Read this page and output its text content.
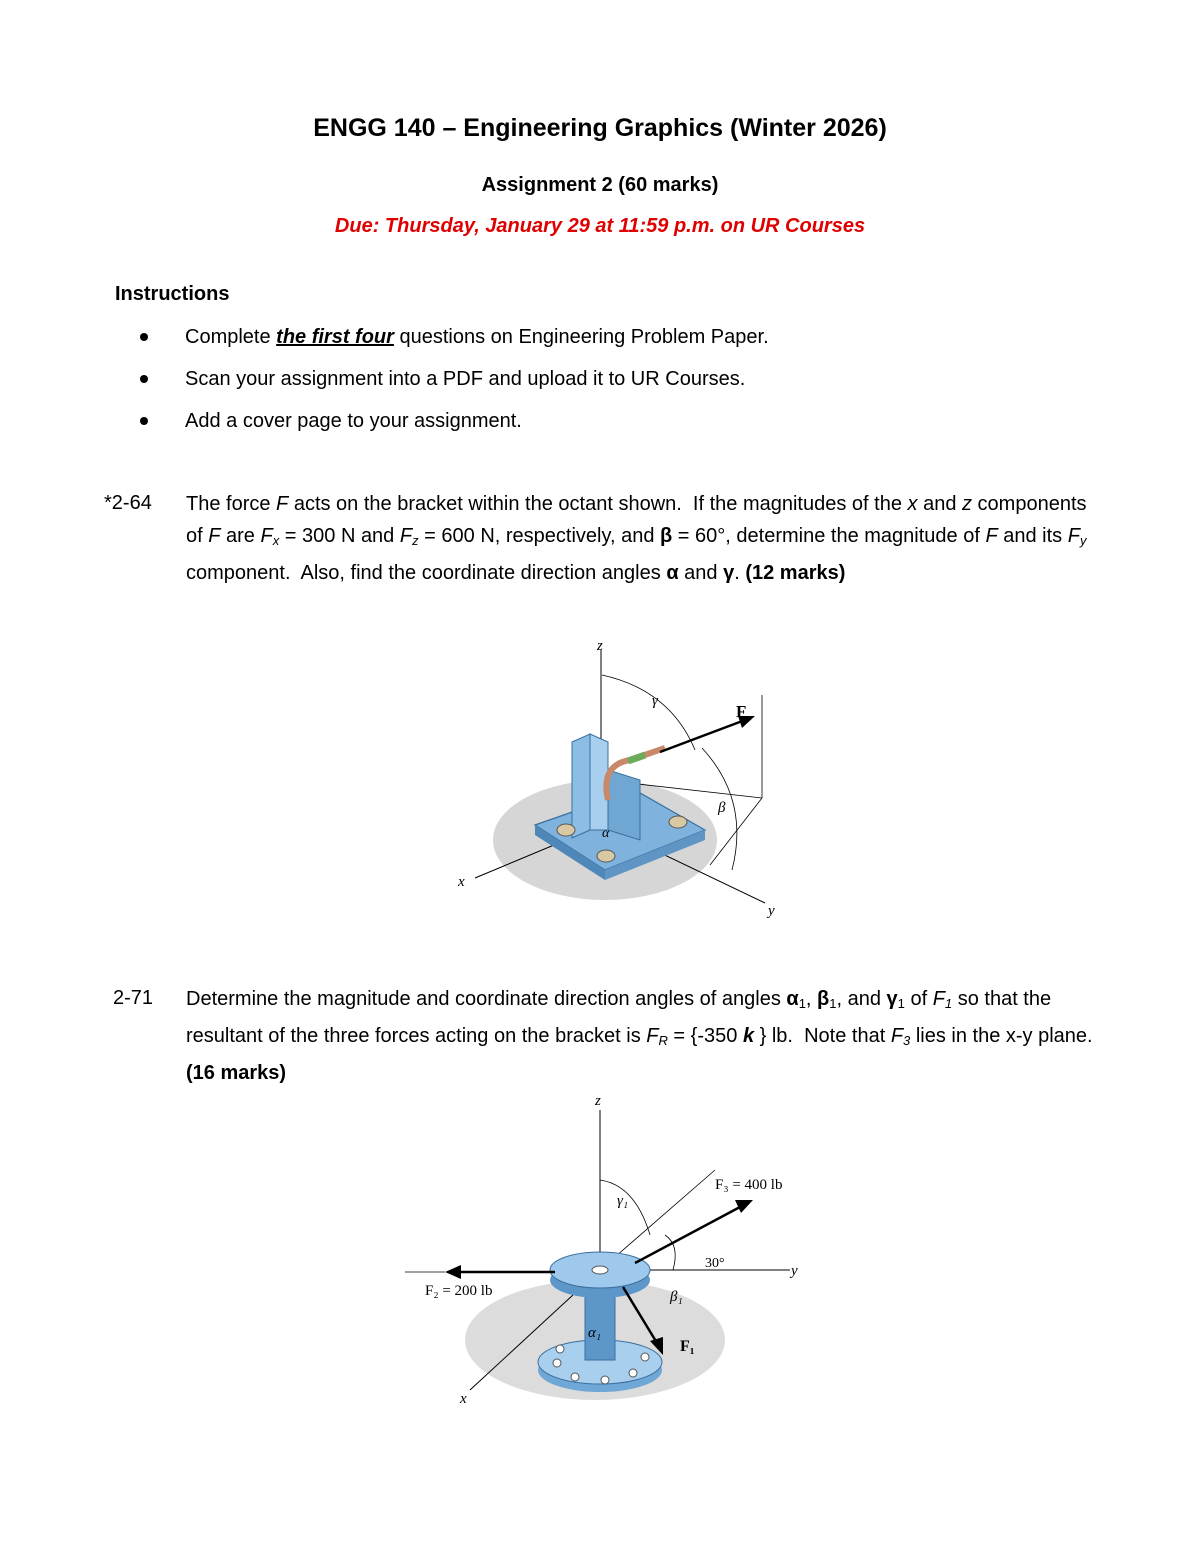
ENGG 140 – Engineering Graphics (Winter 2026)
Assignment 2 (60 marks)
Due: Thursday, January 29 at 11:59 p.m. on UR Courses
Instructions
Complete the first four questions on Engineering Problem Paper.
Scan your assignment into a PDF and upload it to UR Courses.
Add a cover page to your assignment.
*2-64 The force F acts on the bracket within the octant shown.  If the magnitudes of the x and z components of F are $F_x = 300$ N and $F_z = 600$ N, respectively, and β = 60°, determine the magnitude of F and its $F_y$ component.  Also, find the coordinate direction angles α and γ. (12 marks)
z
x
y
γ
β
F
α
2-71 Determine the magnitude and coordinate direction angles of angles $\alpha_1$, $\beta_1$, and $\gamma_1$ of $F_1$ so that the resultant of the three forces acting on the bracket is $F_R = \{-350$ k } lb.  Note that $F_3$ lies in the x-y plane. (16 marks)
z
y
x
γ₁
30°
β₁
α₁
F₃ = 400 lb
F₂ = 200 lb
F₁
